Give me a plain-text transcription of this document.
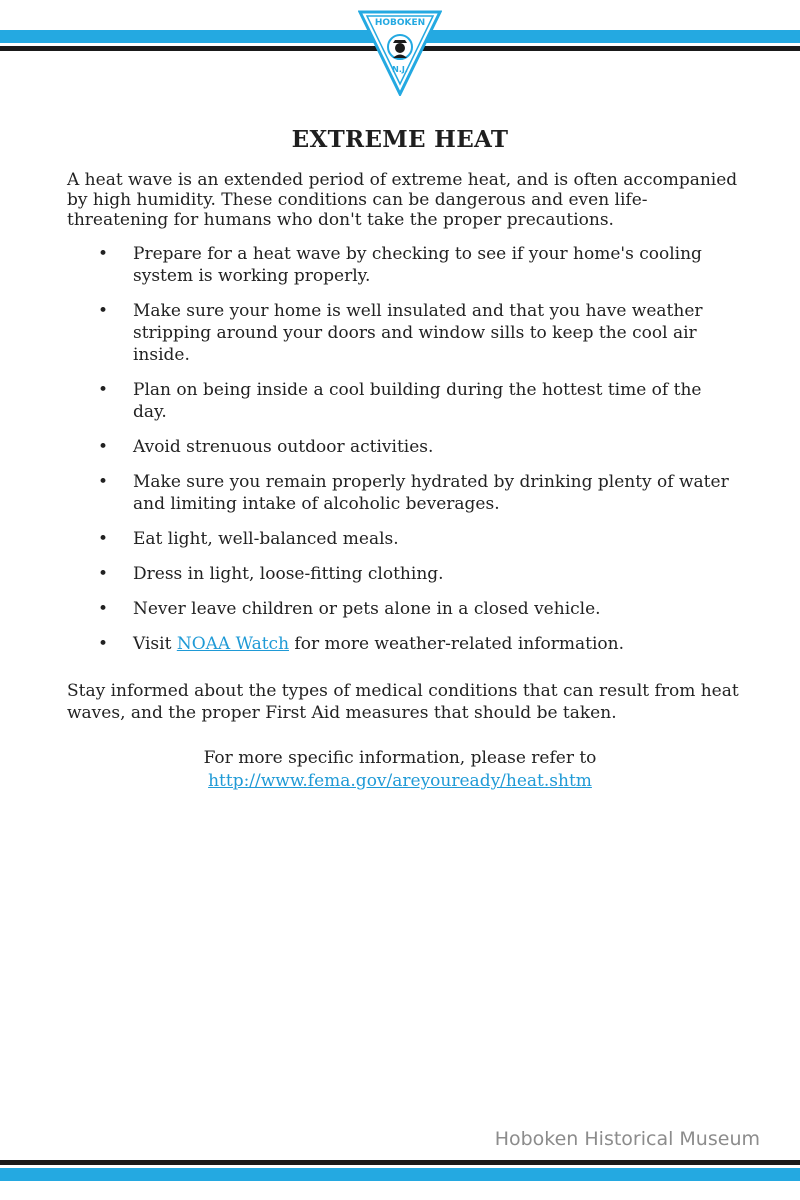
HOBOKEN
N.J.
EXTREME HEAT

A heat wave is an extended period of extreme heat, and is often accompanied by high humidity. These conditions can be dangerous and even life-threatening for humans who don't take the proper precautions.

• Prepare for a heat wave by checking to see if your home's cooling system is working properly.
• Make sure your home is well insulated and that you have weather stripping around your doors and window sills to keep the cool air inside.
• Plan on being inside a cool building during the hottest time of the day.
• Avoid strenuous outdoor activities.
• Make sure you remain properly hydrated by drinking plenty of water and limiting intake of alcoholic beverages.
• Eat light, well-balanced meals.
• Dress in light, loose-fitting clothing.
• Never leave children or pets alone in a closed vehicle.
• Visit NOAA Watch for more weather-related information.

Stay informed about the types of medical conditions that can result from heat waves, and the proper First Aid measures that should be taken.

For more specific information, please refer to
http://www.fema.gov/areyouready/heat.shtm

Hoboken Historical Museum
